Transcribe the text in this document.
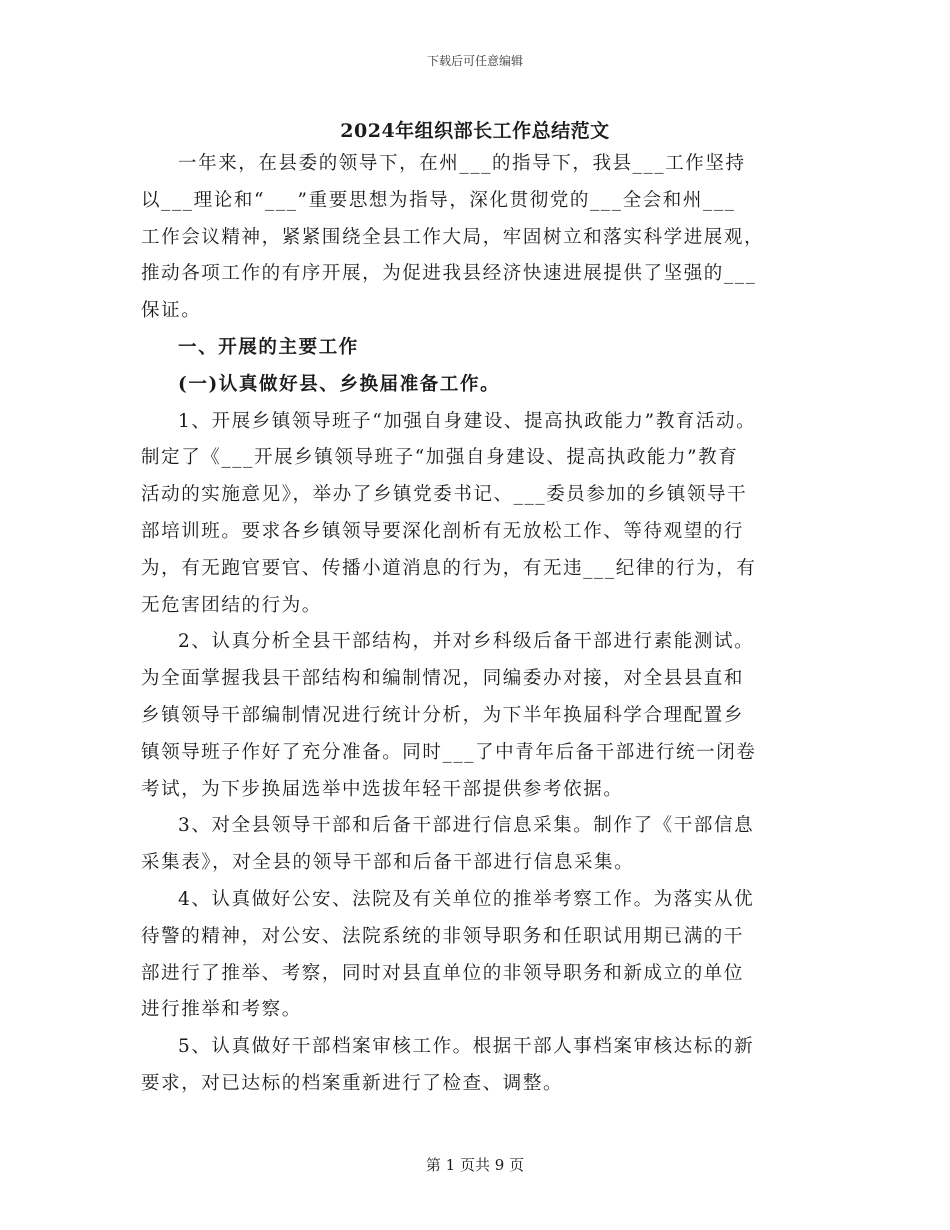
下载后可任意编辑
2024年组织部长工作总结范文

一年来，在县委的领导下，在州___的指导下，我县___工作坚持
以___理论和“___”重要思想为指导，深化贯彻党的___全会和州___
工作会议精神，紧紧围绕全县工作大局，牢固树立和落实科学进展观，
推动各项工作的有序开展，为促进我县经济快速进展提供了坚强的___
保证。

一、开展的主要工作

(一)认真做好县、乡换届准备工作。

1、开展乡镇领导班子“加强自身建设、提高执政能力”教育活动。
制定了《___开展乡镇领导班子“加强自身建设、提高执政能力”教育
活动的实施意见》，举办了乡镇党委书记、___委员参加的乡镇领导干
部培训班。要求各乡镇领导要深化剖析有无放松工作、等待观望的行
为，有无跑官要官、传播小道消息的行为，有无违___纪律的行为，有
无危害团结的行为。

2、认真分析全县干部结构，并对乡科级后备干部进行素能测试。
为全面掌握我县干部结构和编制情况，同编委办对接，对全县县直和
乡镇领导干部编制情况进行统计分析，为下半年换届科学合理配置乡
镇领导班子作好了充分准备。同时___了中青年后备干部进行统一闭卷
考试，为下步换届选举中选拔年轻干部提供参考依据。

3、对全县领导干部和后备干部进行信息采集。制作了《干部信息
采集表》，对全县的领导干部和后备干部进行信息采集。

4、认真做好公安、法院及有关单位的推举考察工作。为落实从优
待警的精神，对公安、法院系统的非领导职务和任职试用期已满的干
部进行了推举、考察，同时对县直单位的非领导职务和新成立的单位
进行推举和考察。

5、认真做好干部档案审核工作。根据干部人事档案审核达标的新
要求，对已达标的档案重新进行了检查、调整。

第 1 页共 9 页
